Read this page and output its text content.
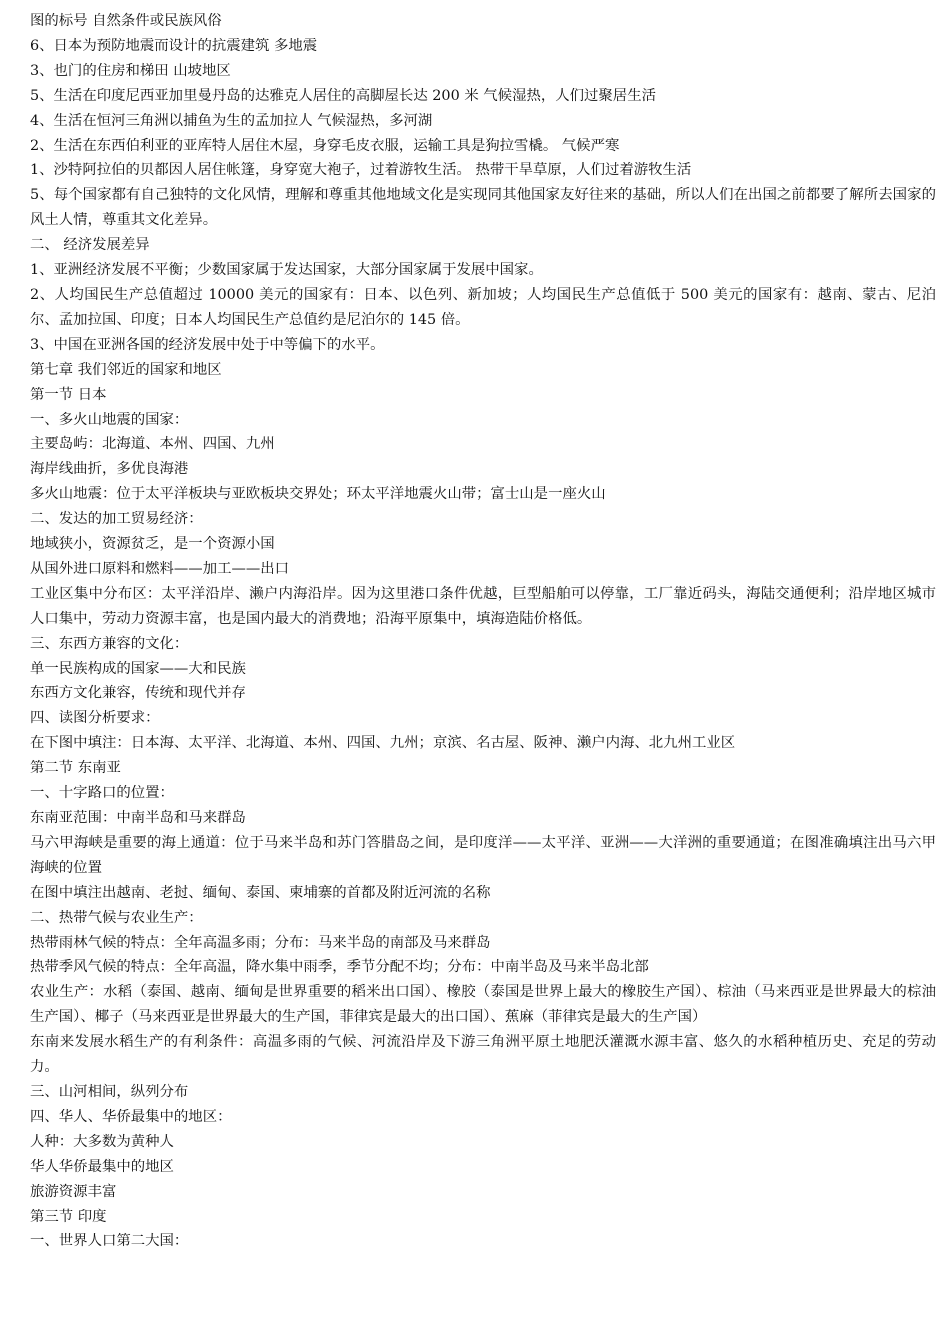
图的标号 自然条件或民族风俗
6、日本为预防地震而设计的抗震建筑 多地震
3、也门的住房和梯田 山坡地区
5、生活在印度尼西亚加里曼丹岛的达雅克人居住的高脚屋长达 200 米 气候湿热，人们过聚居生活
4、生活在恒河三角洲以捕鱼为生的孟加拉人 气候湿热，多河湖
2、生活在东西伯利亚的亚库特人居住木屋，身穿毛皮衣服，运输工具是狗拉雪橇。 气候严寒
1、沙特阿拉伯的贝都因人居住帐篷，身穿宽大袍子，过着游牧生活。 热带干旱草原，人们过着游牧生活
5、每个国家都有自己独特的文化风情，理解和尊重其他地域文化是实现同其他国家友好往来的基础，所以人们在出国之前都要了解所去国家的风土人情，尊重其文化差异。
二、 经济发展差异
1、亚洲经济发展不平衡；少数国家属于发达国家，大部分国家属于发展中国家。
2、人均国民生产总值超过 10000 美元的国家有：日本、以色列、新加坡；人均国民生产总值低于 500 美元的国家有：越南、蒙古、尼泊尔、孟加拉国、印度；日本人均国民生产总值约是尼泊尔的 145 倍。
3、中国在亚洲各国的经济发展中处于中等偏下的水平。
第七章 我们邻近的国家和地区
第一节 日本
一、多火山地震的国家：
主要岛屿：北海道、本州、四国、九州
海岸线曲折，多优良海港
多火山地震：位于太平洋板块与亚欧板块交界处；环太平洋地震火山带；富士山是一座火山
二、发达的加工贸易经济：
地域狭小，资源贫乏，是一个资源小国
从国外进口原料和燃料——加工——出口
工业区集中分布区：太平洋沿岸、濑户内海沿岸。因为这里港口条件优越，巨型船舶可以停靠，工厂靠近码头，海陆交通便利；沿岸地区城市人口集中，劳动力资源丰富，也是国内最大的消费地；沿海平原集中，填海造陆价格低。
三、东西方兼容的文化：
单一民族构成的国家——大和民族
东西方文化兼容，传统和现代并存
四、读图分析要求：
在下图中填注：日本海、太平洋、北海道、本州、四国、九州；京滨、名古屋、阪神、濑户内海、北九州工业区
第二节 东南亚
一、十字路口的位置：
东南亚范围：中南半岛和马来群岛
马六甲海峡是重要的海上通道：位于马来半岛和苏门答腊岛之间，是印度洋——太平洋、亚洲——大洋洲的重要通道；在图准确填注出马六甲海峡的位置
在图中填注出越南、老挝、缅甸、泰国、柬埔寨的首都及附近河流的名称
二、热带气候与农业生产：
热带雨林气候的特点：全年高温多雨；分布：马来半岛的南部及马来群岛
热带季风气候的特点：全年高温，降水集中雨季，季节分配不均；分布：中南半岛及马来半岛北部
农业生产：水稻（泰国、越南、缅甸是世界重要的稻米出口国）、橡胶（泰国是世界上最大的橡胶生产国）、棕油（马来西亚是世界最大的棕油生产国）、椰子（马来西亚是世界最大的生产国，菲律宾是最大的出口国）、蕉麻（菲律宾是最大的生产国）
东南来发展水稻生产的有利条件：高温多雨的气候、河流沿岸及下游三角洲平原土地肥沃灌溉水源丰富、悠久的水稻种植历史、充足的劳动力。
三、山河相间，纵列分布
四、华人、华侨最集中的地区：
人种：大多数为黄种人
华人华侨最集中的地区
旅游资源丰富
第三节 印度
一、世界人口第二大国：
